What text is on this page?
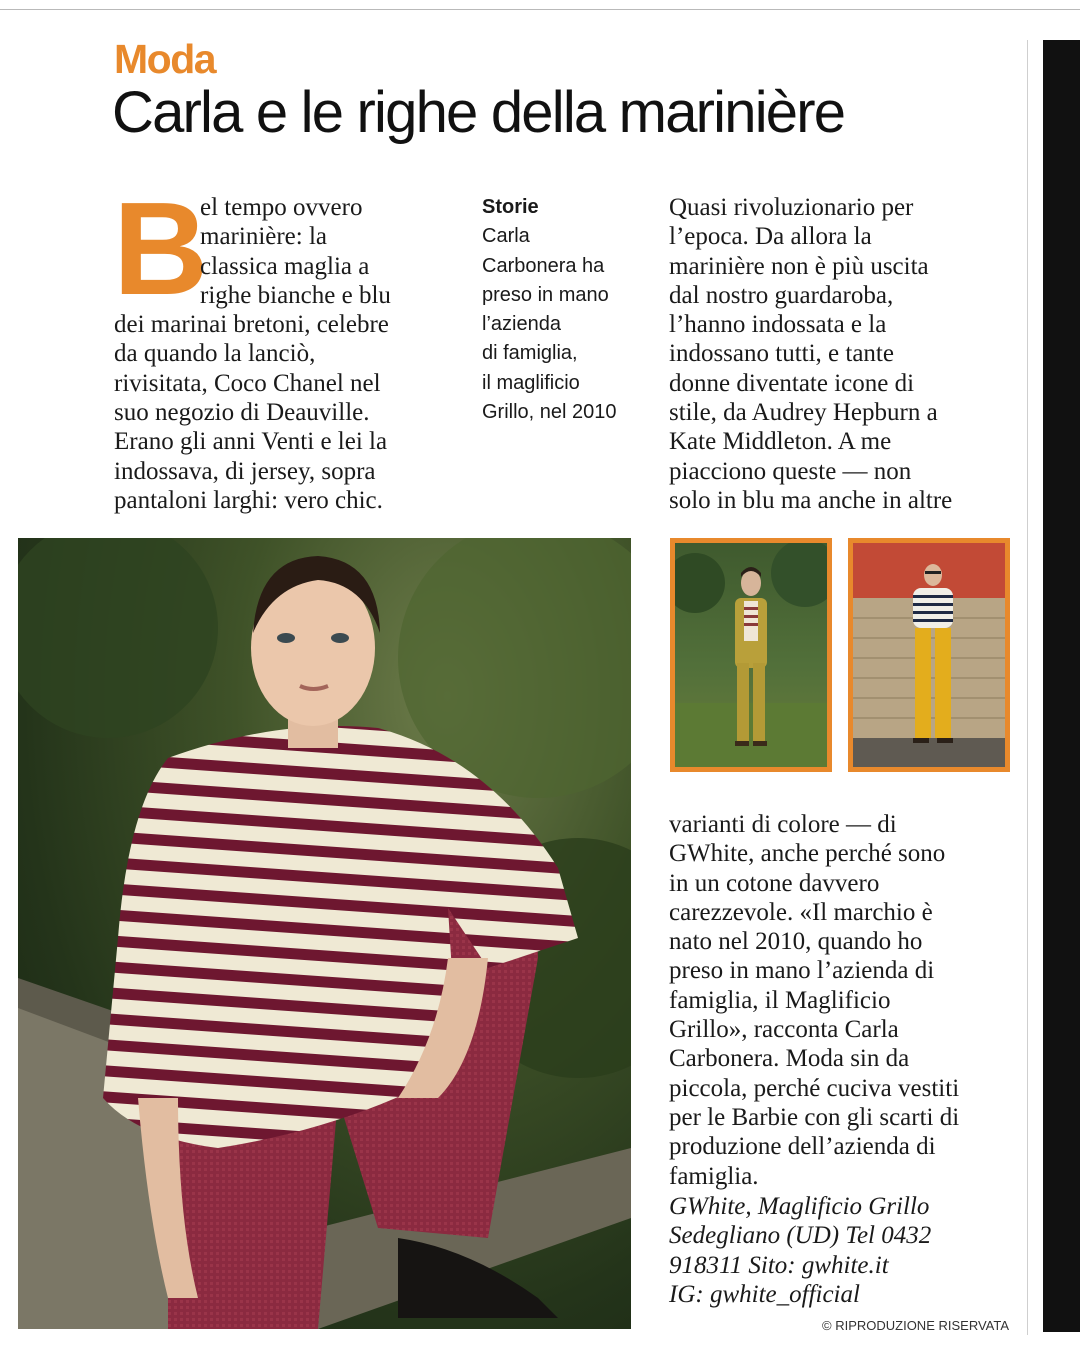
Moda
Carla e le righe della marinière
B
el tempo ovvero
marinière: la
classica maglia a
righe bianche e blu
dei marinai bretoni, celebre
da quando la lanciò,
rivisitata, Coco Chanel nel
suo negozio di Deauville.
Erano gli anni Venti e lei la
indossava, di jersey, sopra
pantaloni larghi: vero chic.
Storie
Carla
Carbonera ha
preso in mano
l’azienda
di famiglia,
il maglificio
Grillo, nel 2010
Quasi rivoluzionario per
l’epoca. Da allora la
marinière non è più uscita
dal nostro guardaroba,
l’hanno indossata e la
indossano tutti, e tante
donne diventate icone di
stile, da Audrey Hepburn a
Kate Middleton. A me
piacciono queste — non
solo in blu ma anche in altre
varianti di colore — di
GWhite, anche perché sono
in un cotone davvero
carezzevole. «Il marchio è
nato nel 2010, quando ho
preso in mano l’azienda di
famiglia, il Maglificio
Grillo», racconta Carla
Carbonera. Moda sin da
piccola, perché cuciva vestiti
per le Barbie con gli scarti di
produzione dell’azienda di
famiglia.
GWhite, Maglificio Grillo
Sedegliano (UD) Tel 0432
918311 Sito: gwhite.it
IG: gwhite_official
© RIPRODUZIONE RISERVATA
